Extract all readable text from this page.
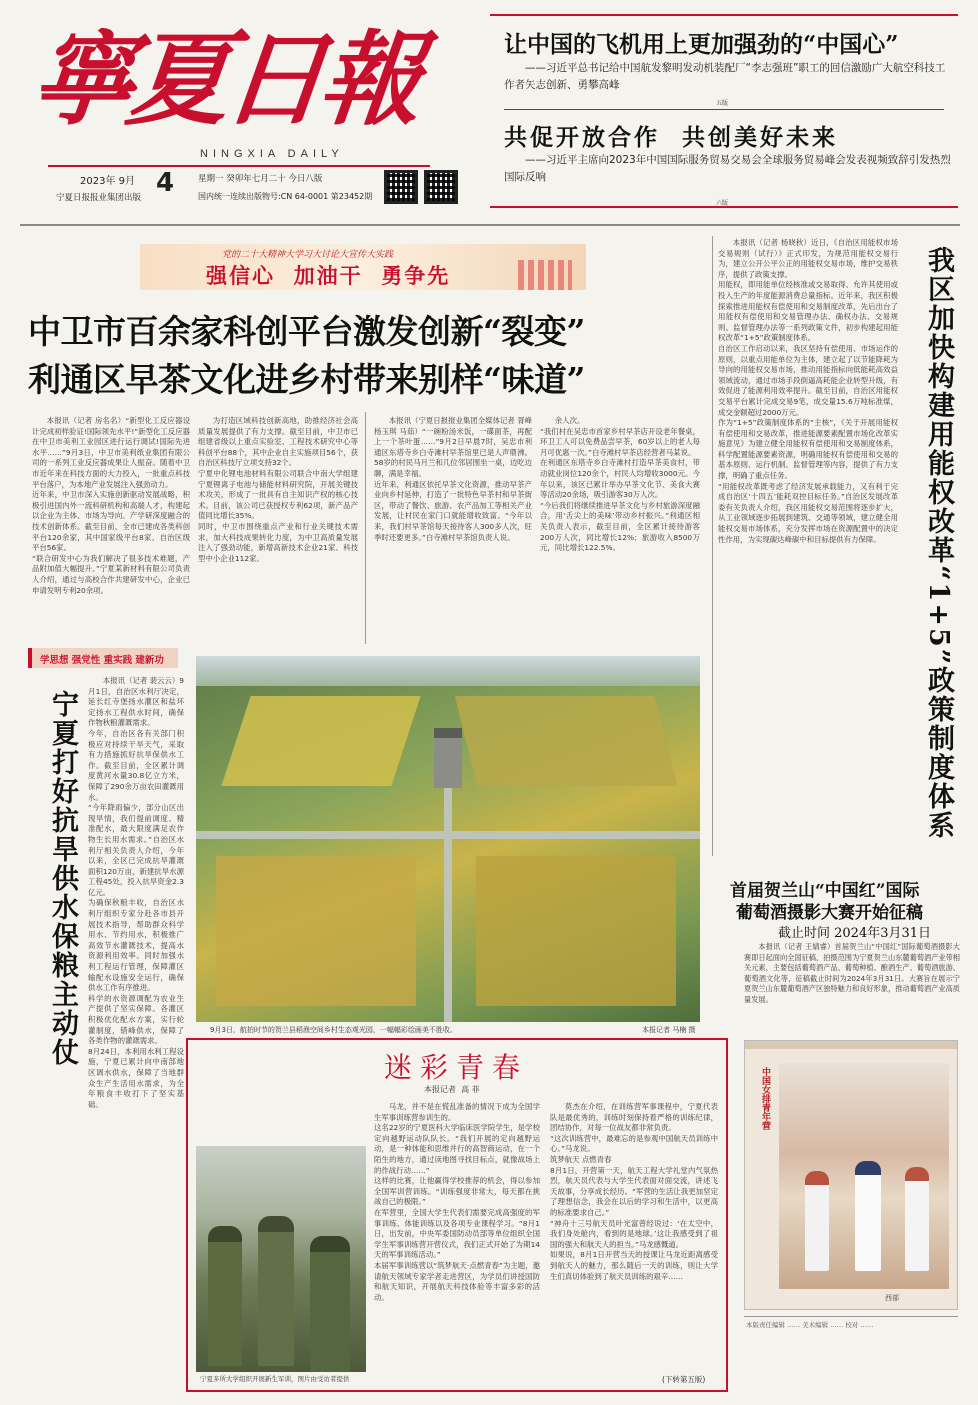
寧夏日報
NINGXIA DAILY
2023年 9月 4	星期一 癸卯年七月二十 今日八版
宁夏日报报业集团出版	国内统一连续出版物号:CN 64-0001 第23452期
让中国的飞机用上更加强劲的“中国心”
——习近平总书记给中国航发黎明发动机装配厂“李志强班”职工的回信激励广大航空科技工作者矢志创新、勇攀高峰
五版
共促开放合作  共创美好未来
——习近平主席向2023年中国国际服务贸易交易会全球服务贸易峰会发表视频致辞引发热烈国际反响
六版
党的二十大精神大学习大讨论大宣传大实践
强信心  加油干  勇争先
中卫市百余家科创平台激发创新“裂变”
利通区早茶文化进乡村带来别样“味道”
本报讯（记者 房名名）“新型化工反应器设计完成初样验证!国际领先水平!”新型化工反应器在中卫市美利工业园区进行运行调试!国际先进水平……”9月3日，中卫市美利纸业集团有限公司的一系列工业反应器成果让人振奋。随着中卫市近年来在科技方面的大力投入，一批重点科技平台落户，为本地产业发展注入强劲动力。
近年来，中卫市深入实施创新驱动发展战略，积极引进国内外一流科研机构和高端人才，构建起以企业为主体、市场为导向、产学研深度融合的技术创新体系。截至目前，全市已建成各类科创平台120余家，其中国家级平台8家、自治区级平台56家。
“联合研发中心为我们解决了很多技术难题，产品附加值大幅提升。”宁夏某新材料有限公司负责人介绍，通过与高校合作共建研发中心，企业已申请发明专利20余项。
为打造区域科技创新高地，助推经济社会高质量发展提供了有力支撑。截至目前，中卫市已组建省级以上重点实验室、工程技术研究中心等科创平台88个，其中企业自主实施项目56个，获自治区科技厅立项支持32个。
宁夏中化锂电池材料有限公司联合中南大学组建宁夏锂离子电池与储能材料研究院，开展关键技术攻关，形成了一批具有自主知识产权的核心技术。目前，该公司已获授权专利62项，新产品产值同比增长35%。
同时，中卫市围绕重点产业和行业关键技术需求，加大科技成果转化力度，为中卫高质量发展注入了强劲动能，新增高新技术企业21家、科技型中小企业112家。
本报讯（宁夏日报报业集团全媒体记者 胥峰 杨玉琪 马茹）“一碗粉汤米饭，一碟面茶，再配上一个茶叶蛋……”9月2日早晨7时，吴忠市利通区东塔寺乡白寺滩村早茶馆里已是人声鼎沸。58岁的村民马月兰和几位邻居围坐一桌，边吃边聊，满是幸福。
近年来，利通区依托早茶文化资源，推动早茶产业向乡村延伸，打造了一批特色早茶村和早茶街区，带动了餐饮、旅游、农产品加工等相关产业发展，让村民在家门口就能增收致富。“今年以来，我们村早茶馆每天接待客人300多人次，旺季时还要更多。”白寺滩村早茶馆负责人说。
余人次。
“我们村在吴忠市首家乡村早茶店开设老年餐桌，环卫工人可以免费品尝早茶，60岁以上的老人每月可优惠一次。”白寺滩村早茶店经营者马某说。
在利通区东塔寺乡白寺滩村打造早茶美食村，带动就业岗位120余个，村民人均增收3000元。今年以来，该区已累计举办早茶文化节、美食大赛等活动20余场，吸引游客30万人次。
“今后我们将继续推进早茶文化与乡村旅游深度融合，用‘舌尖上的美味’带动乡村振兴。”利通区相关负责人表示，截至目前，全区累计接待游客200万人次，同比增长12%；旅游收入8500万元，同比增长122.5%。
本报讯（记者 杨晓秋）近日，《自治区用能权市场交易规则（试行）》正式印发，为规范用能权交易行为，建立公开公平公正的用能权交易市场，维护交易秩序，提供了政策支撑。
用能权，即用能单位经核准或交易取得、允许其使用或投入生产的年度能源消费总量指标。近年来，我区积极探索推进用能权有偿使用和交易制度改革，先后出台了用能权有偿使用和交易管理办法、确权办法、交易规则、监督管理办法等一系列政策文件，初步构建起用能权改革“1+5”政策制度体系。
自治区工作启动以来，我区坚持有偿使用、市场运作的原则，以重点用能单位为主体，建立起了以节能降耗为导向的用能权交易市场，推动用能指标向低能耗高效益领域流动，通过市场手段倒逼高耗能企业转型升级，有效促进了能源利用效率提升。截至目前，自治区用能权交易平台累计完成交易9笔，成交量15.6万吨标准煤，成交金额超过2000万元。
作为“1+5”政策制度体系的“主核”，《关于开展用能权有偿使用和交易改革，推进能源要素配置市场化改革实施意见》为建立健全用能权有偿使用和交易制度体系，科学配置能源要素资源，明确用能权有偿使用和交易的基本原则、运行机制、监督管理等内容，提供了有力支撑，明确了重点任务。
“用能权改革既考虑了经济发展承载能力，又有利于完成自治区‘十四五’能耗双控目标任务。”自治区发展改革委有关负责人介绍，我区用能权交易范围将逐步扩大，从工业领域逐步拓展到建筑、交通等领域，建立健全用能权交易市场体系，充分发挥市场在资源配置中的决定性作用，为实现碳达峰碳中和目标提供有力保障。	我区加快构建用能权改革“1+5”政策制度体系
首届贺兰山“中国红”国际
葡萄酒摄影大赛开始征稿
截止时间 2024年3月31日
本报讯（记者 王婧睿）首届贺兰山“中国红”国际葡萄酒摄影大赛即日起面向全国征稿，拍摄范围为宁夏贺兰山东麓葡萄酒产业带相关元素，主要包括葡萄酒产品、葡萄种植、酿酒生产、葡萄酒旅游、葡萄酒文化等，征稿截止时间为2024年3月31日。大赛旨在展示宁夏贺兰山东麓葡萄酒产区独特魅力和良好形象，推动葡萄酒产业高质量发展。
中国女排青年营
西部
学思想 强党性 重实践 建新功
宁夏打好抗旱供水保粮主动仗
本报讯（记者 裴云云）9月1日，自治区水利厅决定，延长红寺堡扬水灌区和盐环定扬水工程供水时间，确保作物秋粮灌溉需求。
今年，自治区各有关部门积极应对持续干旱天气，采取有力措施抓好抗旱保供水工作。截至目前，全区累计调度黄河水量30.8亿立方米，保障了290余万亩农田灌溉用水。
“今年降雨偏少，部分山区出现旱情，我们提前调度、精准配水，最大限度满足农作物生长用水需求。”自治区水利厅相关负责人介绍，今年以来，全区已完成抗旱灌溉面积120万亩，新建抗旱水源工程45处，投入抗旱资金2.3亿元。
为确保秋粮丰收，自治区水利厅组织专家分赴各市县开展技术指导，帮助群众科学用水、节约用水，积极推广高效节水灌溉技术，提高水资源利用效率。同时加强水利工程运行管理，保障灌区输配水设施安全运行，确保供水工作有序推进。
科学的水资源调配为农业生产提供了坚实保障。各灌区积极优化配水方案，实行轮灌制度，错峰供水，保障了各类作物的灌溉需求。
8月24日，本利用水利工程设施，宁夏已累计向中南部地区调水供水，保障了当地群众生产生活用水需求，为全年粮食丰收打下了坚实基础。
9月3日，航拍时节的贺兰县稻渔空间乡村生态观光园，一幅幅彩绘画美不胜收。	本报记者 马楠 摄
迷彩青春
本报记者  高 菲
宁夏多所大学组织开展新生军训，图片由受访者提供
马龙，并不是在慌乱准备的情况下成为全国学生军事训练营参训生的。
这名22岁的宁夏医科大学临床医学院学生，是学校定向越野运动队队长。“我们开展的定向越野运动，是一种体能和思维并行的高智商运动，在一个陌生的地方，通过读地图寻找目标点，就像战场上的作战行动……”
这样的比赛，让他赢得学校推荐的机会，得以参加全国军训营训练。“训练强度非常大，每天都在挑战自己的极限。”
在军营里，全国大学生代表们需要完成高强度的军事训练、体能训练以及各项专业课程学习。“8月1日，出发前，中央军委国防动员部等单位组织全国学生军事训练营开营仪式，我们正式开始了为期14天的军事训练活动。”
本届军事训练营以“筑梦航天·点燃青春”为主题，邀请航天领域专家学者走进营区，为学员们讲授国防和航天知识，开展航天科技体验等丰富多彩的活动。
莫杰在介绍，在训练营军事课程中，宁夏代表队是最优秀的，训练时刻保持着严格的训练纪律，团结协作，对每一位战友都非常负责。
“这次训练营中，最难忘的是参观中国航天员训练中心。”马龙说。
筑梦航天 点燃青春
8月1日，开营第一天，航天工程大学礼堂内气氛热烈，航天员代表与大学生代表面对面交流，讲述飞天故事，分享成长经历。“军营的生活让我更加坚定了理想信念，我会在以后的学习和生活中，以更高的标准要求自己。”
“神舟十三号航天员叶光富曾经说过：‘在太空中，我们身处舱内，看到的是地球。’这让我感受到了祖国的强大和航天人的担当。”马龙感慨道。
如果说，8月1日开营当天的授课让马龙近距离感受到航天人的魅力，那么随后一天的训练，则让大学生们真切体验到了航天员训练的艰辛……
(下转第五版)
本版责任编辑 …… 美术编辑 …… 校对 ……
